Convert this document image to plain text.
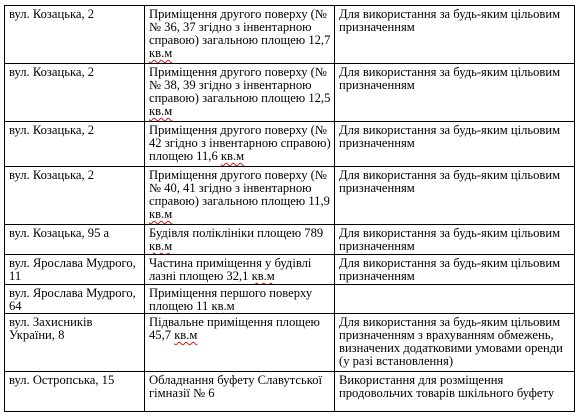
вул. Козацька, 2	Приміщення другого поверху (№№ 36, 37 згідно з інвентарною справою) загальною площею 12,7 кв.м	Для використання за будь-яким цільовим призначенням
вул. Козацька, 2	Приміщення другого поверху (№№ 38, 39 згідно з інвентарною справою) загальною площею 12,5 кв.м	Для використання за будь-яким цільовим призначенням
вул. Козацька, 2	Приміщення другого поверху (№ 42 згідно з інвентарною справою) площею 11,6 кв.м	Для використання за будь-яким цільовим призначенням
вул. Козацька, 2	Приміщення другого поверху (№№ 40, 41 згідно з інвентарною справою) загальною площею 11,9 кв.м	Для використання за будь-яким цільовим призначенням
вул. Козацька, 95 а	Будівля поліклініки площею 789 кв.м	Для використання за будь-яким цільовим призначенням
вул. Ярослава Мудрого, 11	Частина приміщення у будівлі лазні площею 32,1 кв.м	Для використання за будь-яким цільовим призначенням
вул. Ярослава Мудрого, 64	Приміщення першого поверху площею 11 кв.м	
вул. Захисників України, 8	Підвальне приміщення площею 45,7 кв.м	Для використання за будь-яким цільовим призначенням з врахуванням обмежень, визначених додатковими умовами оренди (у разі встановлення)
вул. Остропська, 15	Обладнання буфету Славутської гімназії № 6	Використання для розміщення продовольчих товарів шкільного буфету
